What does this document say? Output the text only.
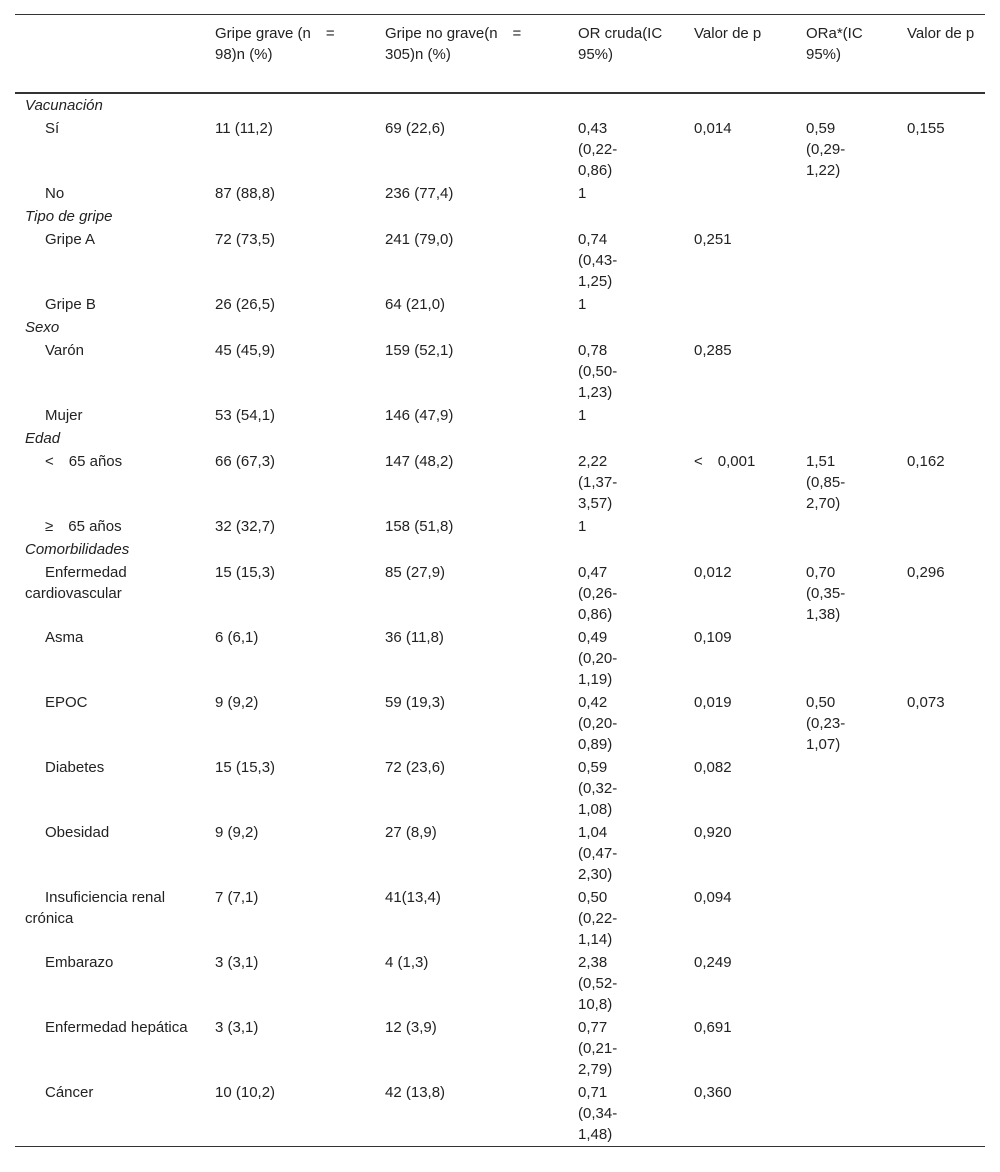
	Gripe grave (n = 98)n (%)	Gripe no grave(n = 305)n (%)	OR cruda(IC 95%)	Valor de p	ORa*(IC 95%)	Valor de p
Vacunación						
Sí	11 (11,2)	69 (22,6)	0,43 (0,22-0,86)	0,014	0,59 (0,29-1,22)	0,155
No	87 (88,8)	236 (77,4)	1			
Tipo de gripe						
Gripe A	72 (73,5)	241 (79,0)	0,74 (0,43-1,25)	0,251		
Gripe B	26 (26,5)	64 (21,0)	1			
Sexo						
Varón	45 (45,9)	159 (52,1)	0,78 (0,50-1,23)	0,285		
Mujer	53 (54,1)	146 (47,9)	1			
Edad						
< 65 años	66 (67,3)	147 (48,2)	2,22 (1,37-3,57)	< 0,001	1,51 (0,85-2,70)	0,162
≥ 65 años	32 (32,7)	158 (51,8)	1			
Comorbilidades						
Enfermedad cardiovascular	15 (15,3)	85 (27,9)	0,47 (0,26-0,86)	0,012	0,70 (0,35-1,38)	0,296
Asma	6 (6,1)	36 (11,8)	0,49 (0,20-1,19)	0,109		
EPOC	9 (9,2)	59 (19,3)	0,42 (0,20-0,89)	0,019	0,50 (0,23-1,07)	0,073
Diabetes	15 (15,3)	72 (23,6)	0,59 (0,32-1,08)	0,082		
Obesidad	9 (9,2)	27 (8,9)	1,04 (0,47-2,30)	0,920		
Insuficiencia renal crónica	7 (7,1)	41(13,4)	0,50 (0,22-1,14)	0,094		
Embarazo	3 (3,1)	4 (1,3)	2,38 (0,52-10,8)	0,249		
Enfermedad hepática	3 (3,1)	12 (3,9)	0,77 (0,21-2,79)	0,691		
Cáncer	10 (10,2)	42 (13,8)	0,71 (0,34-1,48)	0,360		
